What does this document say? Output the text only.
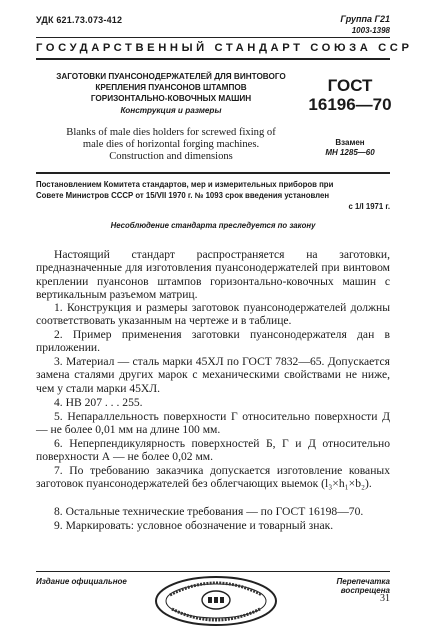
УДК 621.73.073-412	Группа Г21
1003-1398
ГОСУДАРСТВЕННЫЙ СТАНДАРТ СОЮЗА ССР
ЗАГОТОВКИ ПУАНСОНОДЕРЖАТЕЛЕЙ ДЛЯ ВИНТОВОГО
КРЕПЛЕНИЯ ПУАНСОНОВ ШТАМПОВ
ГОРИЗОНТАЛЬНО-КОВОЧНЫХ МАШИН
Конструкция и размеры
Blanks of male dies holders for screwed fixing of
male dies of horizontal forging machines.
Construction and dimensions
ГОСТ
16196—70
Взамен
МН 1285—60
Постановлением Комитета стандартов, мер и измерительных приборов при
Совете Министров СССР от 15/VII 1970 г. № 1093 срок введения установлен
с 1/I 1971 г.
Несоблюдение стандарта преследуется по закону
Настоящий стандарт распространяется на заготовки, предназначенные для изготовления пуансонодержателей при винтовом креплении пуансонов штампов горизонтально-ковочных машин с вертикальным разъемом матриц.
1. Конструкция и размеры заготовок пуансонодержателей должны соответствовать указанным на чертеже и в таблице.
2. Пример применения заготовки пуансонодержателя дан в приложении.
3. Материал — сталь марки 45ХЛ по ГОСТ 7832—65. Допускается замена сталями других марок с механическими свойствами не ниже, чем у стали марки 45ХЛ.
4. НВ 207 . . . 255.
5. Непараллельность поверхности Г относительно поверхности Д — не более 0,01 мм на длине 100 мм.
6. Неперпендикулярность поверхностей Б, Г и Д относительно поверхности А — не более 0,02 мм.
7. По требованию заказчика допускается изготовление кованых заготовок пуансонодержателей без облегчающих выемок (l₃×h₁×b₂).
8. Остальные технические требования — по ГОСТ 16198—70.
9. Маркировать: условное обозначение и товарный знак.
Издание официальное	Перепечатка воспрещена
31
